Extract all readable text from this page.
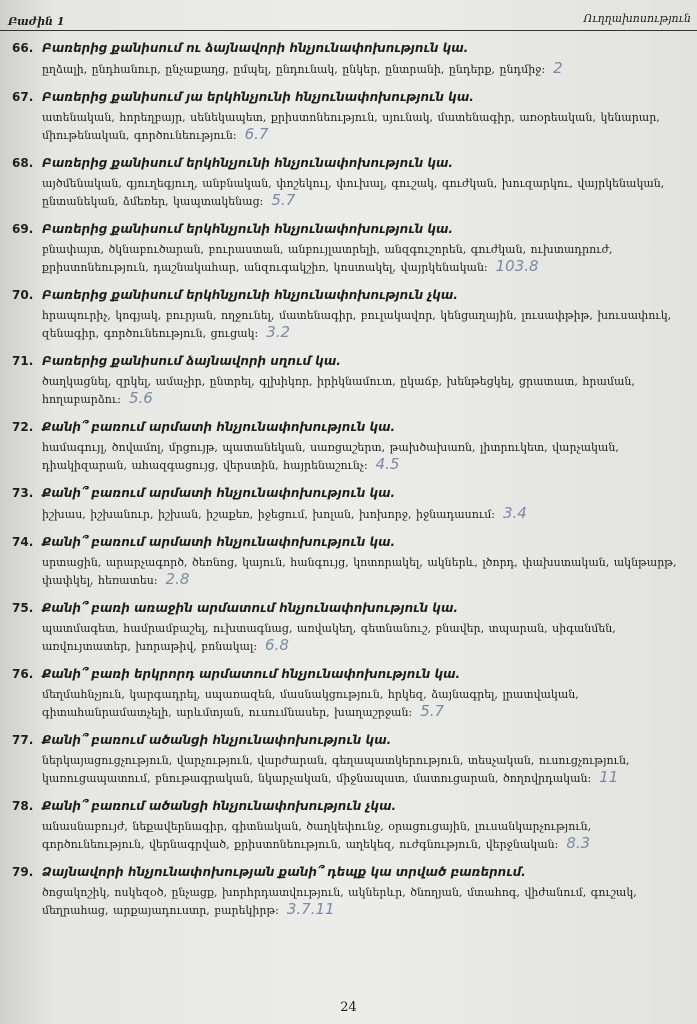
Բաժին 1	Ուղղախոսություն
66. Բառերից քանիսում ու ձայնավորի հնչյունափոխություն կա.
ըղձալի, ընդհանուր, ընչաքաղց, ըմպել, ընդունակ, ընկեր, ընտրանի, ընդերք, ընդմիջ: 2
67. Բառերից քանիսում յա երկհնչյունի հնչյունափոխություն կա.
ատենական, հորեղբայր, սենեկապետ, քրիստոնեություն, սյունակ, մատենագիր, առօրեական, կենարար, միութենական, գործունեություն: 6.7
68. Բառերից քանիսում երկհնչյունի հնչյունափոխություն կա.
այծմենական, գյուղեգյուղ, անբնական, փոշեկուլ, փուխալ, գուշակ, գուժկան, խուզարկու, վայրկենական, ընտանեկան, ձմեռեր, կապտակենաց: 5.7
69. Բառերից քանիսում երկհնչյունի հնչյունափոխություն կա.
բնափայտ, ծկնաբուծարան, բուրաստան, անբույլատրելի, անզգուշորեն, գուժկան, ուխտադրուժ, քրիստոնեություն, դաշնակահար, անզուգակշիռ, կոստակել, վայրկենական: 103.8
70. Բառերից քանիսում երկհնչյունի հնչյունափոխություն չկա.
հրապուրիչ, կոգյակ, բուրյան, ողջունել, մատենագիր, բուլակավոր, կենցաղային, լուսափթիթ, խուսափուկ, զենագիր, գործունեություն, ցուցակ: 3.2
71. Բառերից քանիսում ձայնավորի սղում կա.
ծաղկացնել, զրկել, ամաչիր, ընտրել, գլխիկոր, իրիկնամուտ, ըկաճբ, խենթեցկել, ցրատատ, հրաման, հողաբարձու: 5.6
72. Քանի՞ բառում արմատի հնչյունափոխություն կա.
համագույլ, ծովամոլ, մրցույթ, պատանեկան, սառցաշերտ, թախծախառն, լիտրուկետ, վարչական, դիակիզարան, ահազգացույց, վերստին, հայրենաշունչ: 4.5
73. Քանի՞ բառում արմատի հնչյունափոխություն կա.
իշխաս, իշխանուր, իշխան, իշաքեռ, իջեցում, խոլան, խոխորջ, իջնադասում: 3.4
74. Քանի՞ բառում արմատի հնչյունափոխություն կա.
սրտացին, արարչագործ, ծեռնոց, կայուն, հանգույց, կոտորակել, ակներև, լծորդ, փախստական, ակնթարթ, փափկել, հեռատես: 2.8
75. Քանի՞ բառի առաջին արմատում հնչյունափոխություն կա.
պատմագետ, համրամբաշել, ուխտագնաց, առվակեղ, գետնանուշ, բնավեր, տպարան, սիգանմեն, առվույտատեր, խորաթիվ, բոնակալ: 6.8
76. Քանի՞ բառի երկրորդ արմատում հնչյունափոխություն կա.
մեղմահնչյուն, կարգադրել, սպառազեն, մասնակցություն, հրկեզ, ձայնագրել, լրատվական, գիտահանրամատչելի, արևմտյան, ուսումնասեր, խաղաշրջան: 5.7
77. Քանի՞ բառում ածանցի հնչյունափոխություն կա.
ներկայացուցչություն, վարչություն, վարժարան, գեղապատկերություն, տեսչական, ուսուցչություն, կառուցապատում, բնութագրական, նկարչական, միջնապատ, մատուցարան, ծողովրդական: 11
78. Քանի՞ բառում ածանցի հնչյունափոխություն չկա.
անասնաբույժ, նեքավերնագիր, գիտնական, ծաղկեփունջ, օրացուցային, լուսանկարչություն, գործունեություն, վերնագրված, քրիստոնեություն, աղեկեզ, ուժգնություն, վերջնական: 8.3
79. Ձայնավորի հնչյունափոխության քանի՞ դեպք կա տրված բառերում.
ծոցակոշիկ, ոսկեզօծ, ընչացք, խորհրդատվություն, ակներևր, ծնողյան, մտահոգ, վիժանում, գուշակ, մեղրահաց, արքայադուստր, բարեկիրթ: 3.7.11
24
